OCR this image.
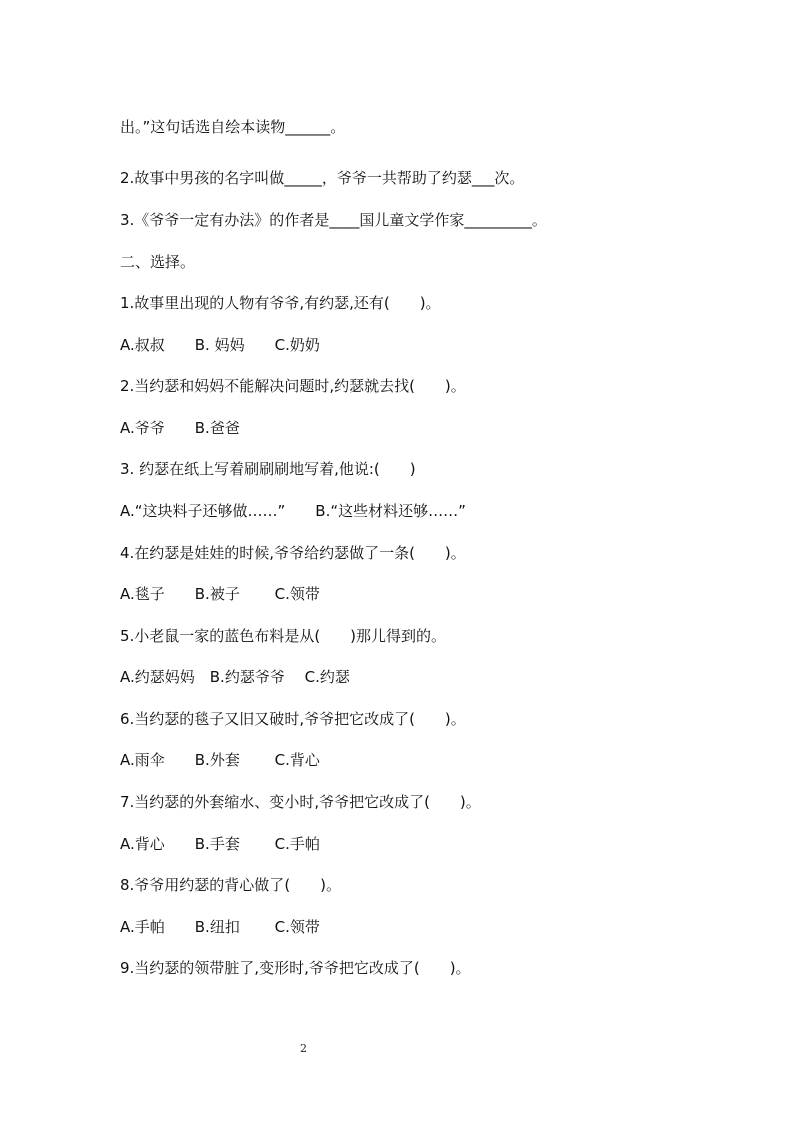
出。”这句话选自绘本读物______。
2.故事中男孩的名字叫做_____，爷爷一共帮助了约瑟___次。
3.《爷爷一定有办法》的作者是____国儿童文学作家_________。
二、选择。
1.故事里出现的人物有爷爷,有约瑟,还有(　　)。
A.叔叔　　B. 妈妈　　C.奶奶
2.当约瑟和妈妈不能解决问题时,约瑟就去找(　　)。
A.爷爷　　B.爸爸
3. 约瑟在纸上写着刷刷刷地写着,他说:(　　)
A.“这块料子还够做……”　　B.“这些材料还够……”
4.在约瑟是娃娃的时候,爷爷给约瑟做了一条(　　)。
A.毯子　　B.被子　　 C.领带
5.小老鼠一家的蓝色布料是从(　　)那儿得到的。
A.约瑟妈妈　B.约瑟爷爷　 C.约瑟
6.当约瑟的毯子又旧又破时,爷爷把它改成了(　　)。
A.雨伞　　B.外套　　 C.背心
7.当约瑟的外套缩水、变小时,爷爷把它改成了(　　)。
A.背心　　B.手套　　 C.手帕
8.爷爷用约瑟的背心做了(　　)。
A.手帕　　B.纽扣　　 C.领带
9.当约瑟的领带脏了,变形时,爷爷把它改成了(　　)。
2
